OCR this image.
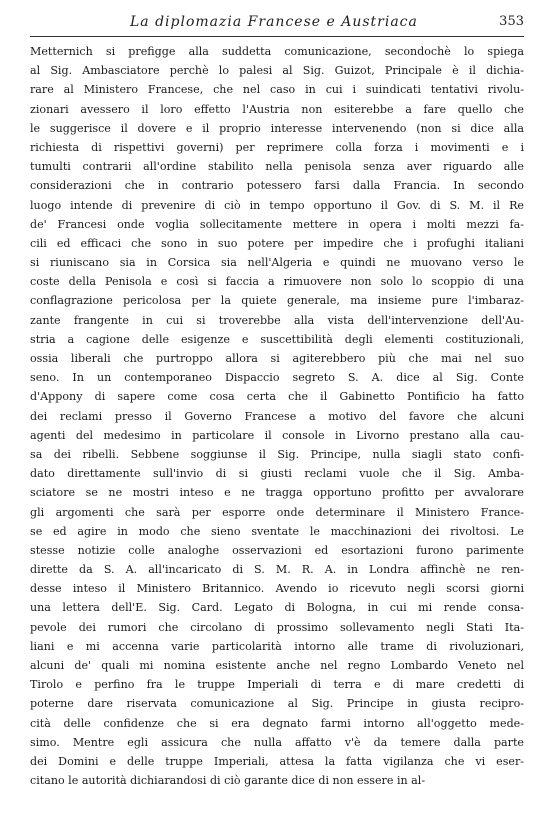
La diplomazia Francese e Austriaca	353
Metternich si prefigge alla suddetta comunicazione, secondochè lo spiega
al Sig. Ambasciatore perchè lo palesi al Sig. Guizot, Principale è il dichia-
rare al Ministero Francese, che nel caso in cui i suindicati tentativi rivolu-
zionari avessero il loro effetto l'Austria non esiterebbe a fare quello che
le suggerisce il dovere e il proprio interesse intervenendo (non si dice alla
richiesta di rispettivi governi) per reprimere colla forza i movimenti e i
tumulti contrarii all'ordine stabilito nella penisola senza aver riguardo alle
considerazioni che in contrario potessero farsi dalla Francia. In secondo
luogo intende di prevenire di ciò in tempo opportuno il Gov. di S. M. il Re
de' Francesi onde voglia sollecitamente mettere in opera i molti mezzi fa-
cili ed efficaci che sono in suo potere per impedire che i profughi italiani
si riuniscano sia in Corsica sia nell'Algeria e quindi ne muovano verso le
coste della Penisola e così si faccia a rimuovere non solo lo scoppio di una
conflagrazione pericolosa per la quiete generale, ma insieme pure l'imbaraz-
zante frangente in cui si troverebbe alla vista dell'intervenzione dell'Au-
stria a cagione delle esigenze e suscettibilità degli elementi costituzionali,
ossia liberali che purtroppo allora si agiterebbero più che mai nel suo
seno. In un contemporaneo Dispaccio segreto S. A. dice al Sig. Conte
d'Appony di sapere come cosa certa che il Gabinetto Pontificio ha fatto
dei reclami presso il Governo Francese a motivo del favore che alcuni
agenti del medesimo in particolare il console in Livorno prestano alla cau-
sa dei ribelli. Sebbene soggiunse il Sig. Principe, nulla siagli stato confi-
dato direttamente sull'invio di si giusti reclami vuole che il Sig. Amba-
sciatore se ne mostri inteso e ne tragga opportuno profitto per avvalorare
gli argomenti che sarà per esporre onde determinare il Ministero France-
se ed agire in modo che sieno sventate le macchinazioni dei rivoltosi. Le
stesse notizie colle analoghe osservazioni ed esortazioni furono parimente
dirette da S. A. all'incaricato di S. M. R. A. in Londra affinchè ne ren-
desse inteso il Ministero Britannico. Avendo io ricevuto negli scorsi giorni
una lettera dell'E. Sig. Card. Legato di Bologna, in cui mi rende consa-
pevole dei rumori che circolano di prossimo sollevamento negli Stati Ita-
liani e mi accenna varie particolarità intorno alle trame di rivoluzionari,
alcuni de' quali mi nomina esistente anche nel regno Lombardo Veneto nel
Tirolo e perfino fra le truppe Imperiali di terra e di mare credetti di
poterne dare riservata comunicazione al Sig. Principe in giusta recipro-
cità delle confidenze che si era degnato farmi intorno all'oggetto mede-
simo. Mentre egli assicura che nulla affatto v'è da temere dalla parte
dei Domini e delle truppe Imperiali, attesa la fatta vigilanza che vi eser-
citano le autorità dichiarandosi di ciò garante dice di non essere in al-
